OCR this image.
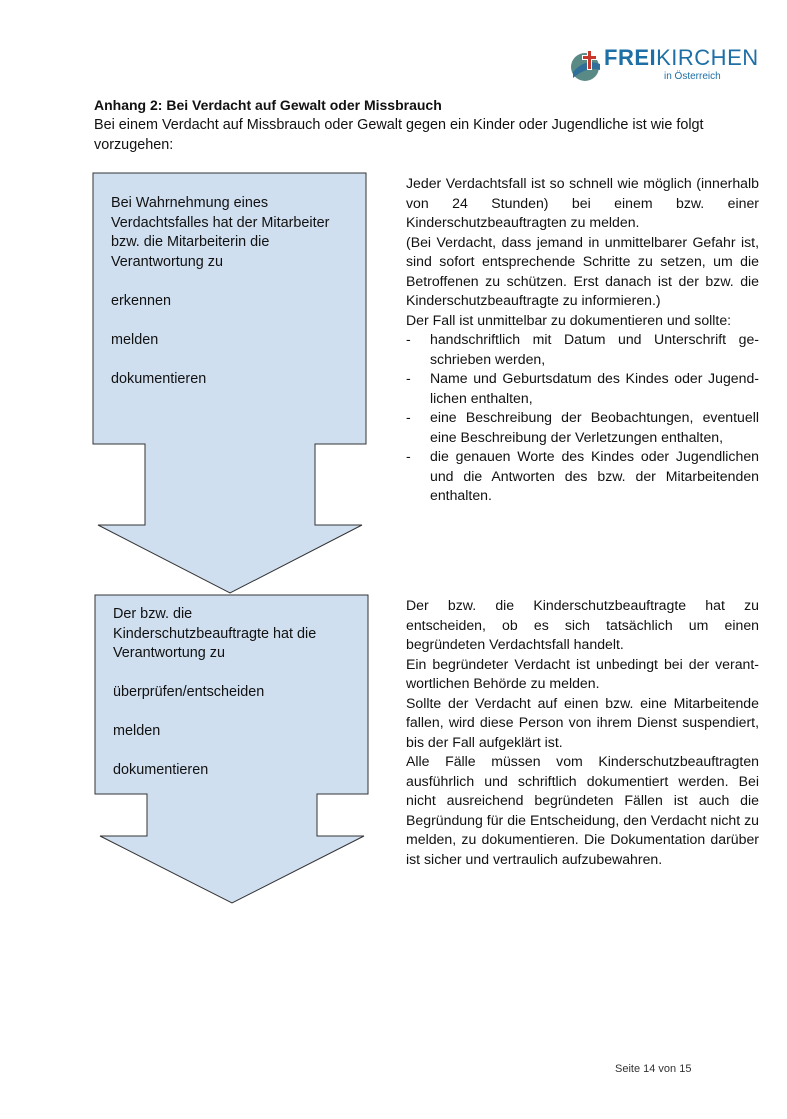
FREIKIRCHEN
in Österreich
Anhang 2: Bei Verdacht auf Gewalt oder Missbrauch
Bei einem Verdacht auf Missbrauch oder Gewalt gegen ein Kinder oder Jugendliche ist wie folgt vorzugehen:

Bei Wahrnehmung eines

Verdachtsfalles hat der Mitarbeiter

bzw. die Mitarbeiterin die

Verantwortung zu

erkennen

melden

dokumentieren

Jeder Verdachtsfall ist so schnell wie möglich (innerhalb von 24 Stunden) bei einem bzw. einer Kinderschutzbeauftragten zu melden.

(Bei Verdacht, dass jemand in unmittelbarer Gefahr ist, sind sofort entsprechende Schritte zu setzen, um die Betroffenen zu schützen. Erst danach ist der bzw. die Kinderschutzbeauftragte zu informieren.)

Der Fall ist unmittelbar zu dokumentieren und sollte:

- handschriftlich mit Datum und Unterschrift ge-schrieben werden,
- Name und Geburtsdatum des Kindes oder Jugend-lichen enthalten,
- eine Beschreibung der Beobachtungen, eventuell eine Beschreibung der Verletzungen enthalten,
- die genauen Worte des Kindes oder Jugendlichen und die Antworten des bzw. der Mitarbeitenden enthalten.

Der bzw. die

Kinderschutzbeauftragte hat die

Verantwortung zu

überprüfen/entscheiden

melden

dokumentieren

Der bzw. die Kinderschutzbeauftragte hat zu entscheiden, ob es sich tatsächlich um einen begründeten Verdachtsfall handelt.

Ein begründeter Verdacht ist unbedingt bei der verant-wortlichen Behörde zu melden.

Sollte der Verdacht auf einen bzw. eine Mitarbeitende fallen, wird diese Person von ihrem Dienst suspendiert, bis der Fall aufgeklärt ist.

Alle Fälle müssen vom Kinderschutzbeauftragten ausführlich und schriftlich dokumentiert werden. Bei nicht ausreichend begründeten Fällen ist auch die Begründung für die Entscheidung, den Verdacht nicht zu melden, zu dokumentieren. Die Dokumentation darüber ist sicher und vertraulich aufzubewahren.

Seite 14 von 15
